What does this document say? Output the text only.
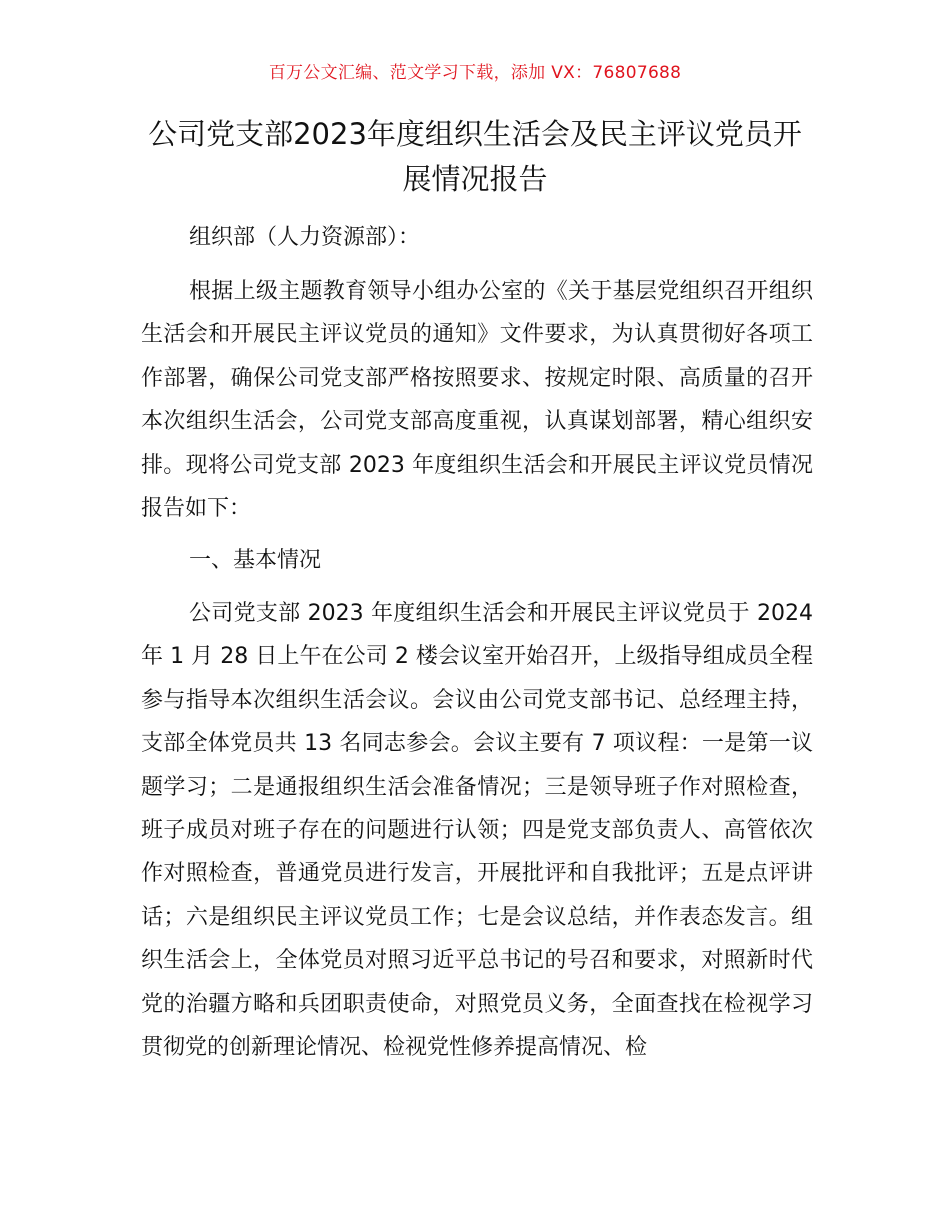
百万公文汇编、范文学习下载，添加 VX：76807688
公司党支部2023年度组织生活会及民主评议党员开展情况报告

组织部（人力资源部）：

根据上级主题教育领导小组办公室的《关于基层党组织召开组织生活会和开展民主评议党员的通知》文件要求，为认真贯彻好各项工作部署，确保公司党支部严格按照要求、按规定时限、高质量的召开本次组织生活会，公司党支部高度重视，认真谋划部署，精心组织安排。现将公司党支部 2023 年度组织生活会和开展民主评议党员情况报告如下：

一、基本情况

公司党支部 2023 年度组织生活会和开展民主评议党员于 2024 年 1 月 28 日上午在公司 2 楼会议室开始召开，上级指导组成员全程参与指导本次组织生活会议。会议由公司党支部书记、总经理主持，支部全体党员共 13 名同志参会。会议主要有 7 项议程：一是第一议题学习；二是通报组织生活会准备情况；三是领导班子作对照检查，班子成员对班子存在的问题进行认领；四是党支部负责人、高管依次作对照检查，普通党员进行发言，开展批评和自我批评；五是点评讲话；六是组织民主评议党员工作；七是会议总结，并作表态发言。组织生活会上，全体党员对照习近平总书记的号召和要求，对照新时代党的治疆方略和兵团职责使命，对照党员义务，全面查找在检视学习贯彻党的创新理论情况、检视党性修养提高情况、检
